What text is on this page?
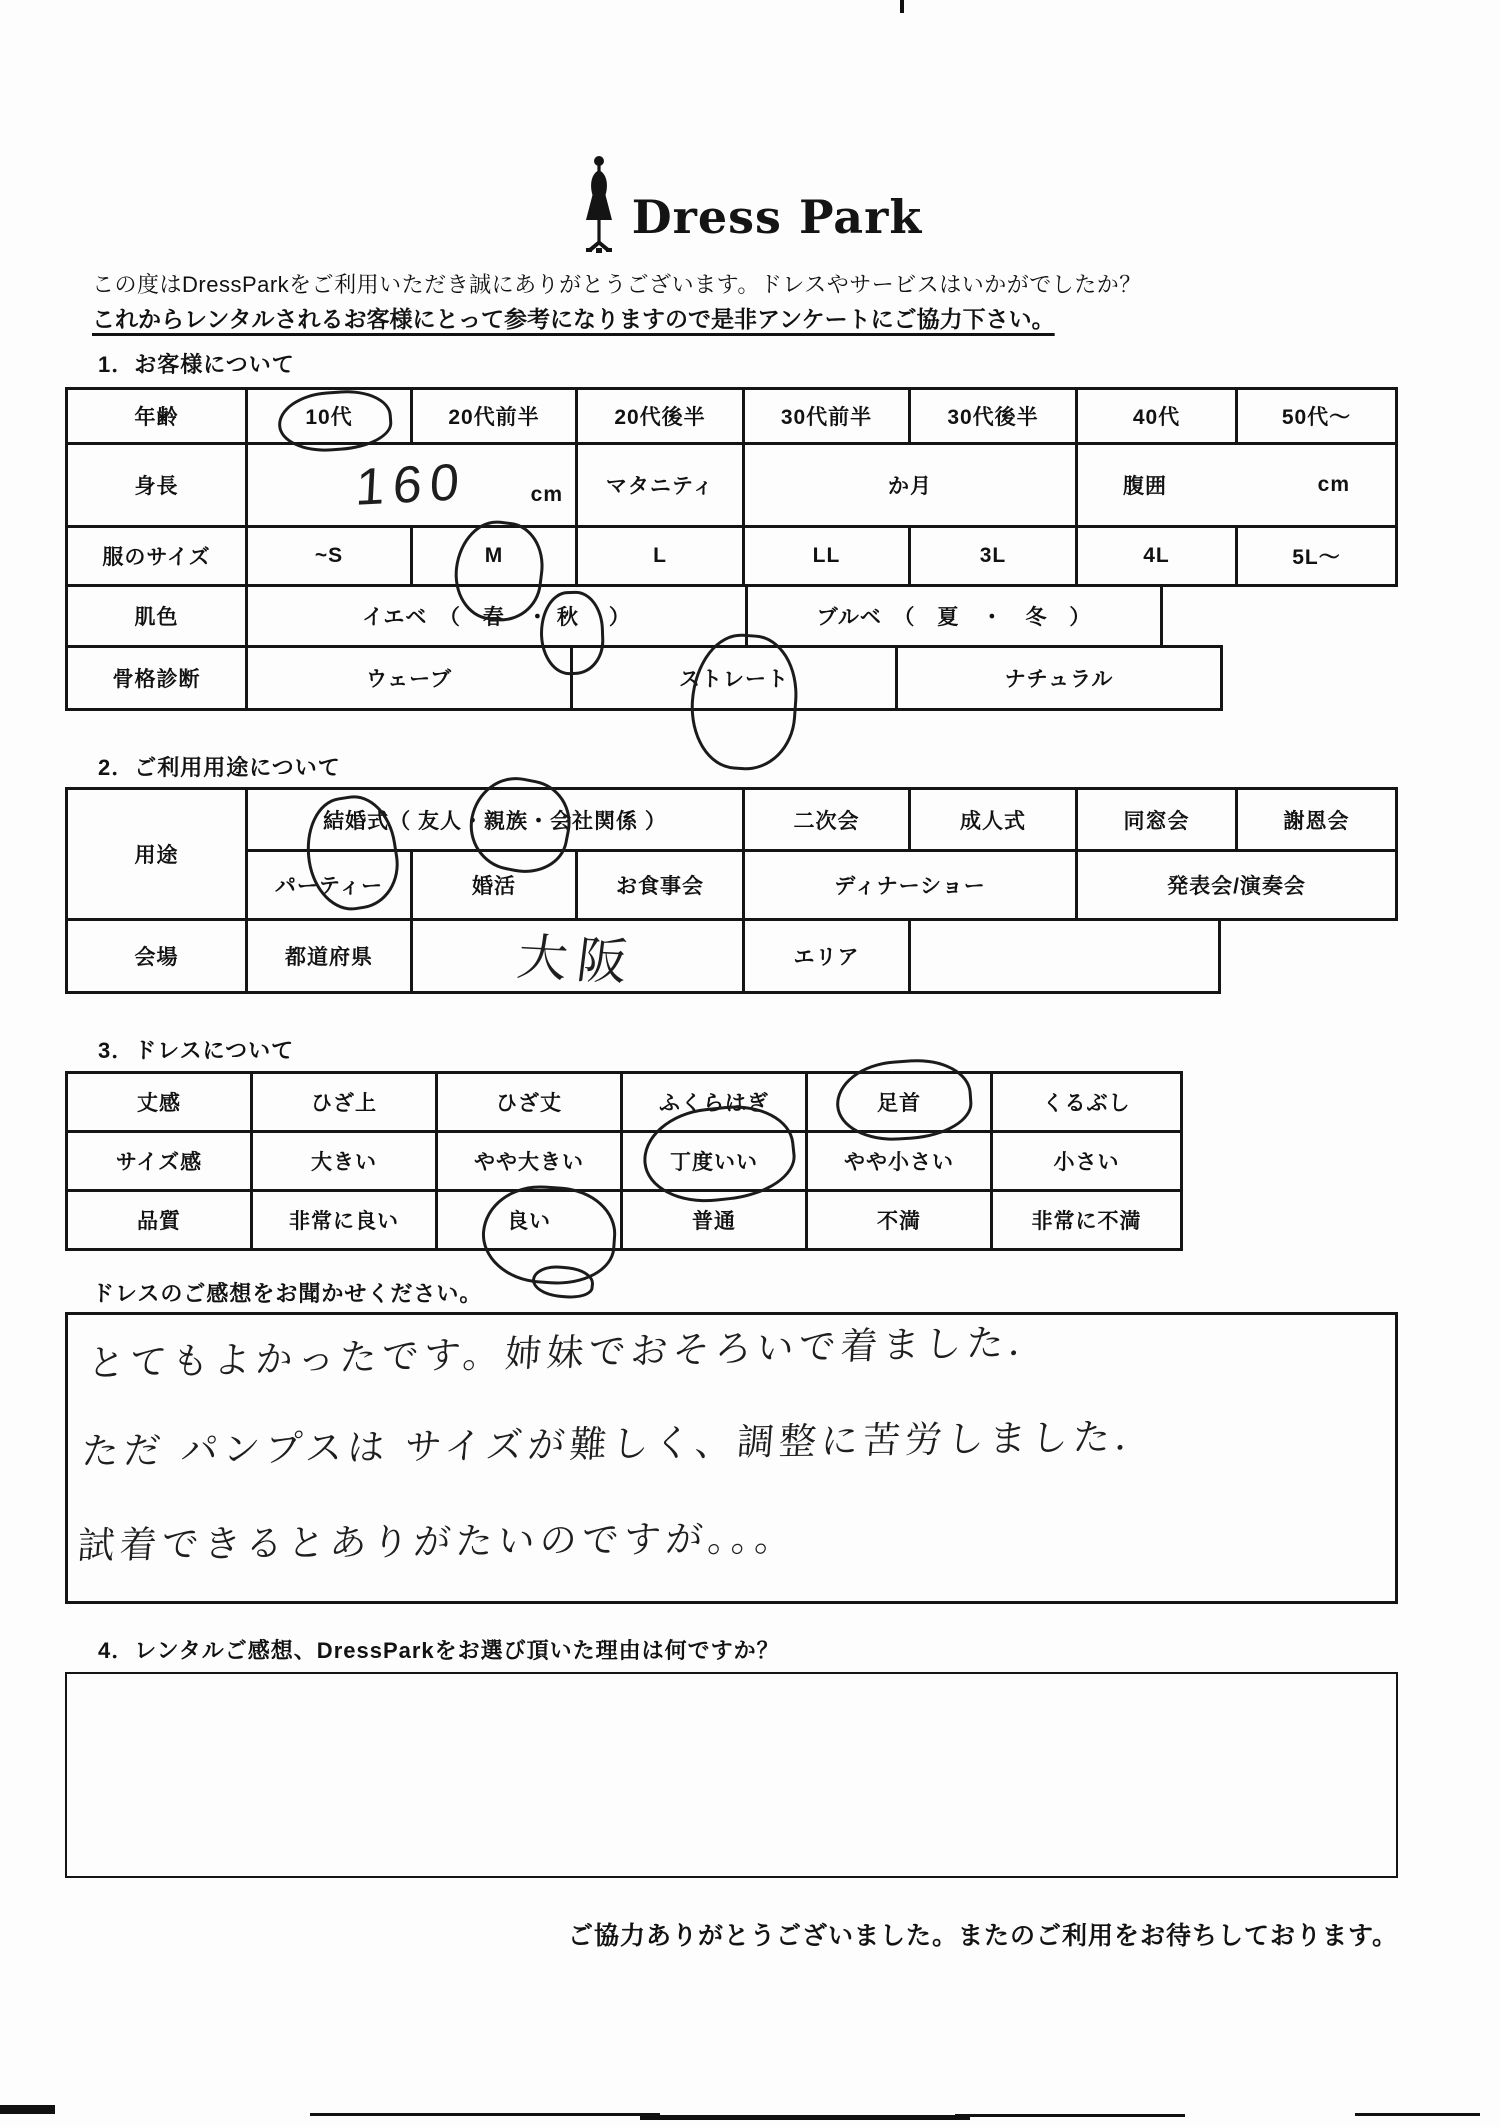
Dress Park
この度はDressParkをご利用いただき誠にありがとうございます。ドレスやサービスはいかがでしたか？
これからレンタルされるお客様にとって参考になりますので是非アンケートにご協力下さい。
1．お客様について
年齢	10代	20代前半	20代後半	30代前半	30代後半	40代	50代～
身長	160	cm	マタニティ	か月	腹囲	cm
服のサイズ	~S	M	L	LL	3L	4L	5L～
肌色	イエベ　（　春　・ 秋 　）	ブルベ　（　夏　・　冬　）
骨格診断	ウェーブ	ストレート	ナチュラル
2．ご利用用途について
用途
結婚 式（ 友人・ 親族 ・会社関係 ）	二次会	成人式	同窓会	謝恩会
パーティー	婚活	お食事会	ディナーショー	発表会/演奏会
会場	都道府県	大阪	エリア
3．ドレスについて
丈感	ひざ上	ひざ丈	ふくらはぎ	足首	くるぶし
サイズ感	大きい	やや大きい	丁度いい	やや小さい	小さい
品質	非常に良い	良い	普通	不満	非常に不満
ドレスのご感想をお聞かせください。
とてもよかったです。姉妹でおそろいで着ました．
ただ パンプスは サイズが難しく、調整に苦労しました．
試着できるとありがたいのですが。。。
4．レンタルご感想、DressParkをお選び頂いた理由は何ですか？
ご協力ありがとうございました。またのご利用をお待ちしております。
